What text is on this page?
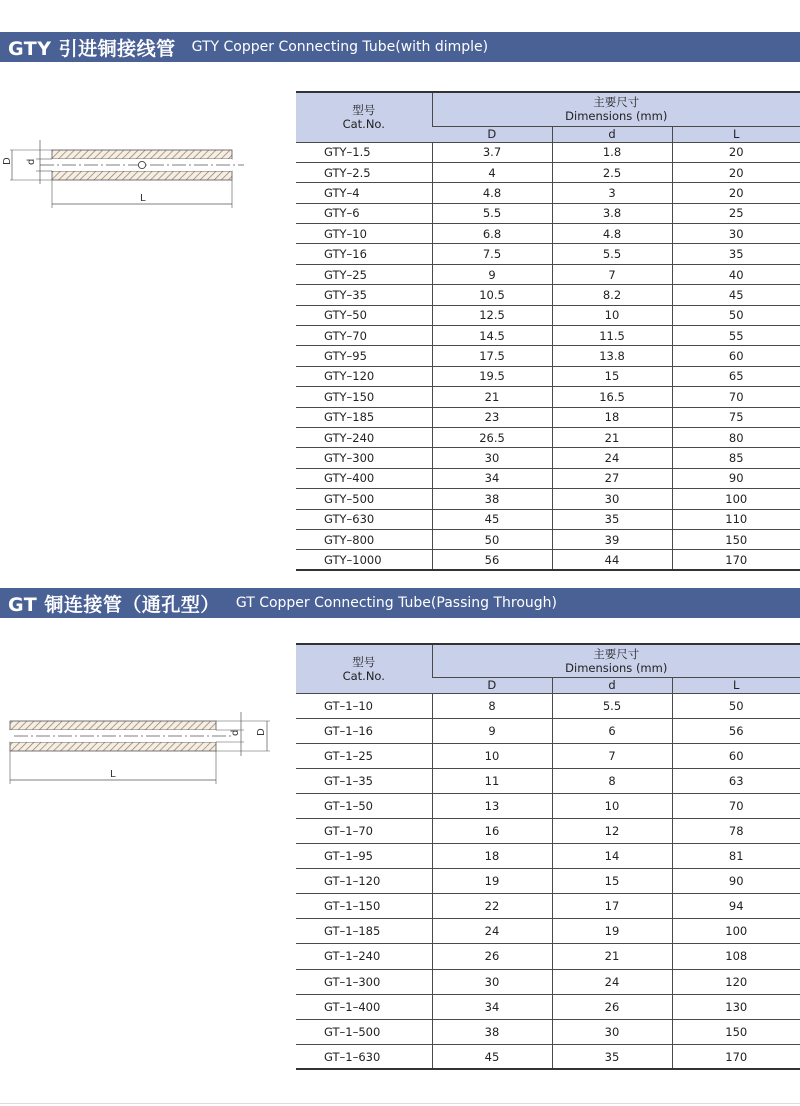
GTY 引进铜接线管 GTY Copper Connecting Tube(with dimple)
D d
L
型号
Cat.No.	主要尺寸
Dimensions (mm)		

	D	d	L
GTY–1.5	3.7	1.8	20
GTY–2.5	4	2.5	20
GTY–4	4.8	3	20
GTY–6	5.5	3.8	25
GTY–10	6.8	4.8	30
GTY–16	7.5	5.5	35
GTY–25	9	7	40
GTY–35	10.5	8.2	45
GTY–50	12.5	10	50
GTY–70	14.5	11.5	55
GTY–95	17.5	13.8	60
GTY–120	19.5	15	65
GTY–150	21	16.5	70
GTY–185	23	18	75
GTY–240	26.5	21	80
GTY–300	30	24	85
GTY–400	34	27	90
GTY–500	38	30	100
GTY–630	45	35	110
GTY–800	50	39	150
GTY–1000	56	44	170
GT 铜连接管（通孔型） GT Copper Connecting Tube(Passing Through)
d D
L
型号
Cat.No.	主要尺寸
Dimensions (mm)		

	D	d	L
GT–1–10	8	5.5	50
GT–1–16	9	6	56
GT–1–25	10	7	60
GT–1–35	11	8	63
GT–1–50	13	10	70
GT–1–70	16	12	78
GT–1–95	18	14	81
GT–1–120	19	15	90
GT–1–150	22	17	94
GT–1–185	24	19	100
GT–1–240	26	21	108
GT–1–300	30	24	120
GT–1–400	34	26	130
GT–1–500	38	30	150
GT–1–630	45	35	170
